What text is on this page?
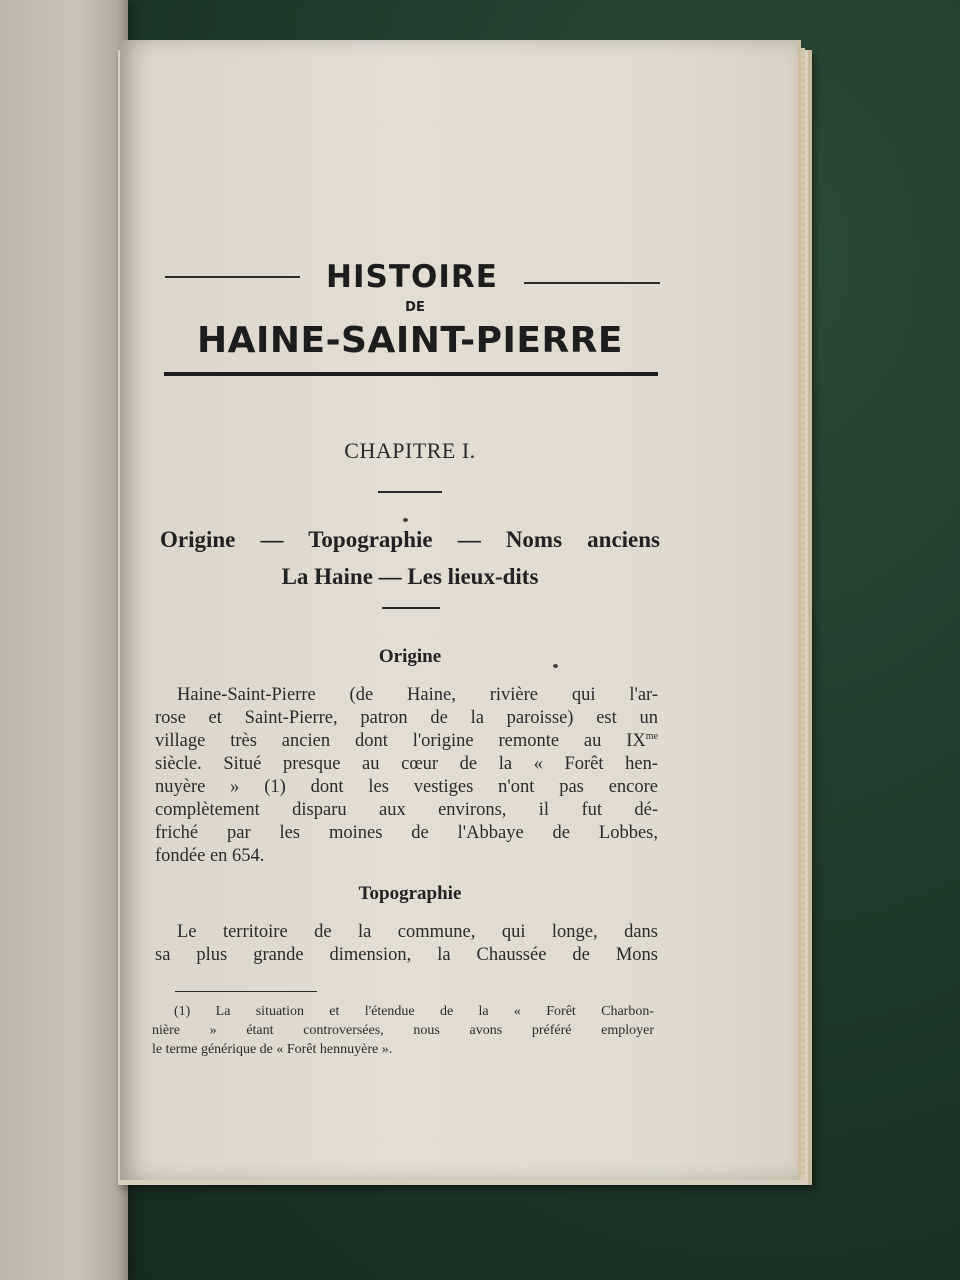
HISTOIRE
DE
HAINE-SAINT-PIERRE
CHAPITRE I.
Origine — Topographie — Noms anciens
La Haine — Les lieux-dits
Origine
Haine-Saint-Pierre (de Haine, rivière qui l'ar-
rose et Saint-Pierre, patron de la paroisse) est un
village très ancien dont l'origine remonte au $IX^{me}$
siècle. Situé presque au cœur de la « Forêt hen-
nuyère » (1) dont les vestiges n'ont pas encore
complètement disparu aux environs, il fut dé-
friché par les moines de l'Abbaye de Lobbes,
fondée en 654.
Topographie
Le territoire de la commune, qui longe, dans
sa plus grande dimension, la Chaussée de Mons
(1) La situation et l'étendue de la « Forêt Charbon-
nière » étant controversées, nous avons préféré employer
le terme générique de « Forêt hennuyère ».
